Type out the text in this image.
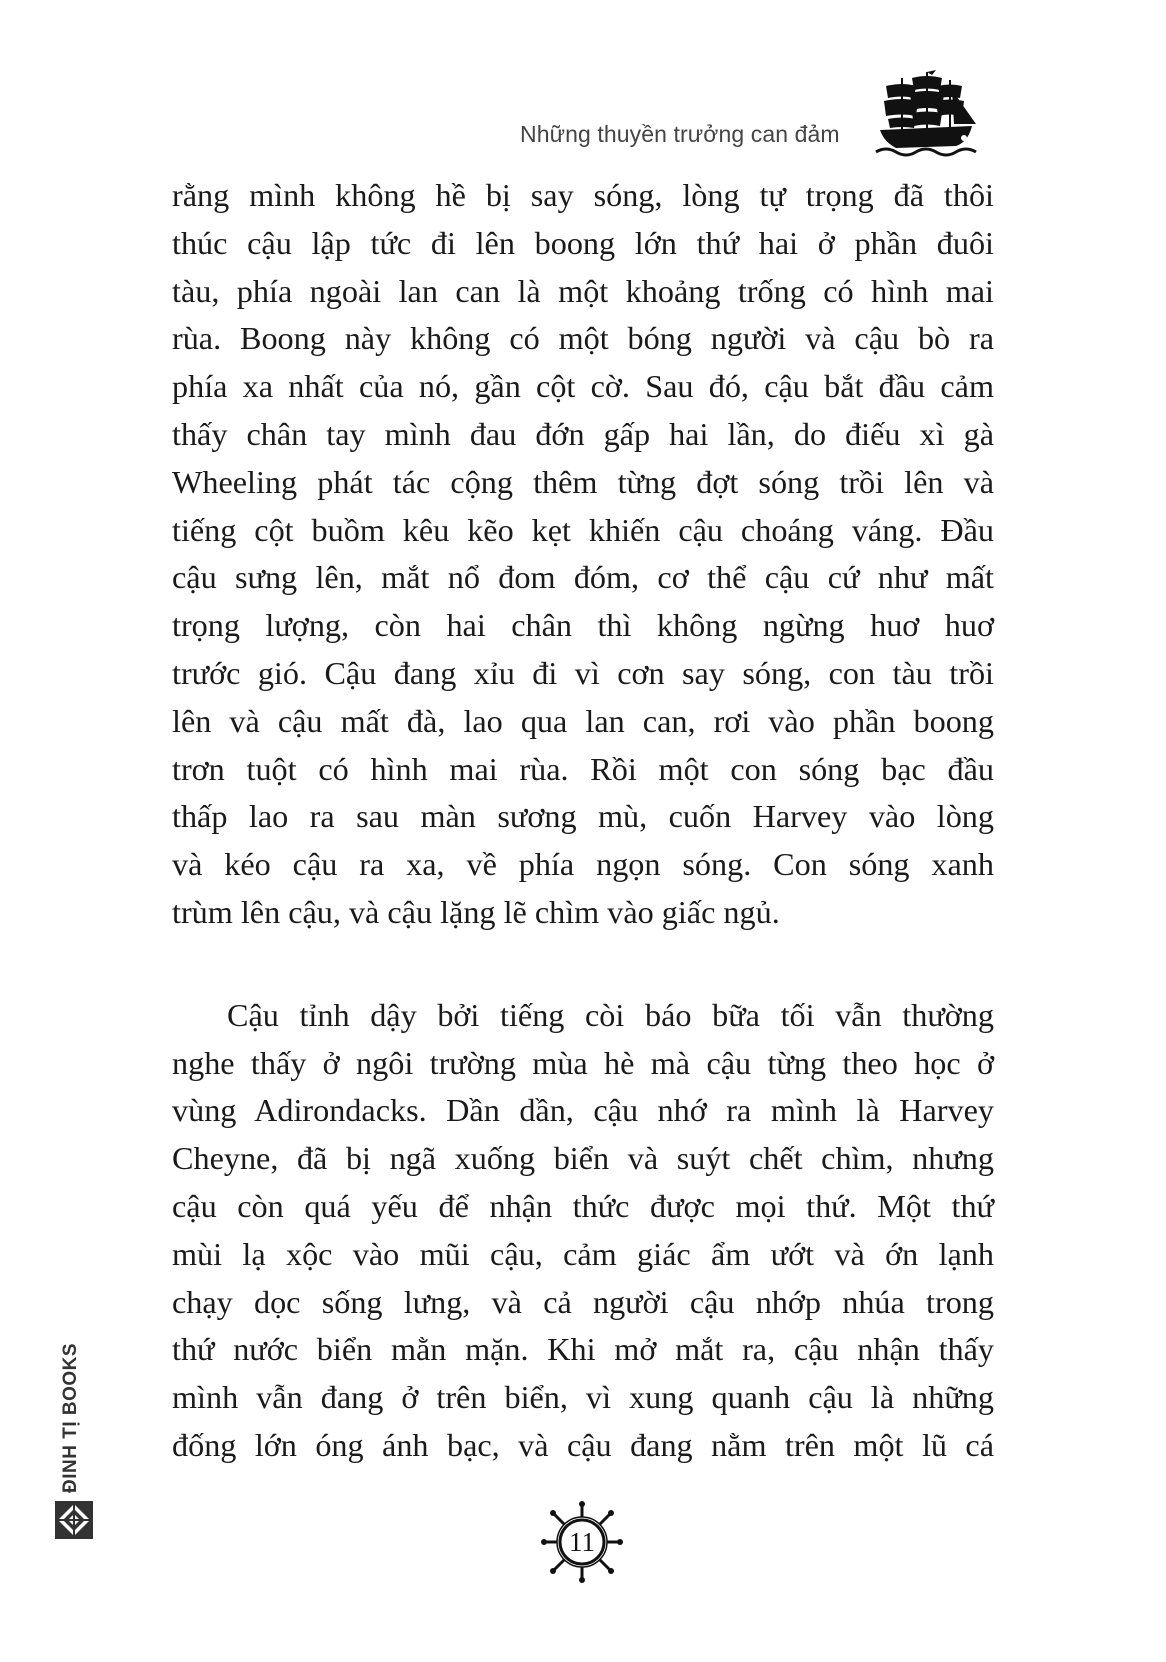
Những thuyền trưởng can đảm

rằng mình không hề bị say sóng, lòng tự trọng đã thôi

thúc cậu lập tức đi lên boong lớn thứ hai ở phần đuôi

tàu, phía ngoài lan can là một khoảng trống có hình mai

rùa. Boong này không có một bóng người và cậu bò ra

phía xa nhất của nó, gần cột cờ. Sau đó, cậu bắt đầu cảm

thấy chân tay mình đau đớn gấp hai lần, do điếu xì gà

Wheeling phát tác cộng thêm từng đợt sóng trồi lên và

tiếng cột buồm kêu kẽo kẹt khiến cậu choáng váng. Đầu

cậu sưng lên, mắt nổ đom đóm, cơ thể cậu cứ như mất

trọng lượng, còn hai chân thì không ngừng huơ huơ

trước gió. Cậu đang xỉu đi vì cơn say sóng, con tàu trồi

lên và cậu mất đà, lao qua lan can, rơi vào phần boong

trơn tuột có hình mai rùa. Rồi một con sóng bạc đầu

thấp lao ra sau màn sương mù, cuốn Harvey vào lòng

và kéo cậu ra xa, về phía ngọn sóng. Con sóng xanh

trùm lên cậu, và cậu lặng lẽ chìm vào giấc ngủ.

Cậu tỉnh dậy bởi tiếng còi báo bữa tối vẫn thường

nghe thấy ở ngôi trường mùa hè mà cậu từng theo học ở

vùng Adirondacks. Dần dần, cậu nhớ ra mình là Harvey

Cheyne, đã bị ngã xuống biển và suýt chết chìm, nhưng

cậu còn quá yếu để nhận thức được mọi thứ. Một thứ

mùi lạ xộc vào mũi cậu, cảm giác ẩm ướt và ớn lạnh

chạy dọc sống lưng, và cả người cậu nhớp nhúa trong

thứ nước biển mằn mặn. Khi mở mắt ra, cậu nhận thấy

mình vẫn đang ở trên biển, vì xung quanh cậu là những

đống lớn óng ánh bạc, và cậu đang nằm trên một lũ cá

ĐINH TỊ BOOKS
11
